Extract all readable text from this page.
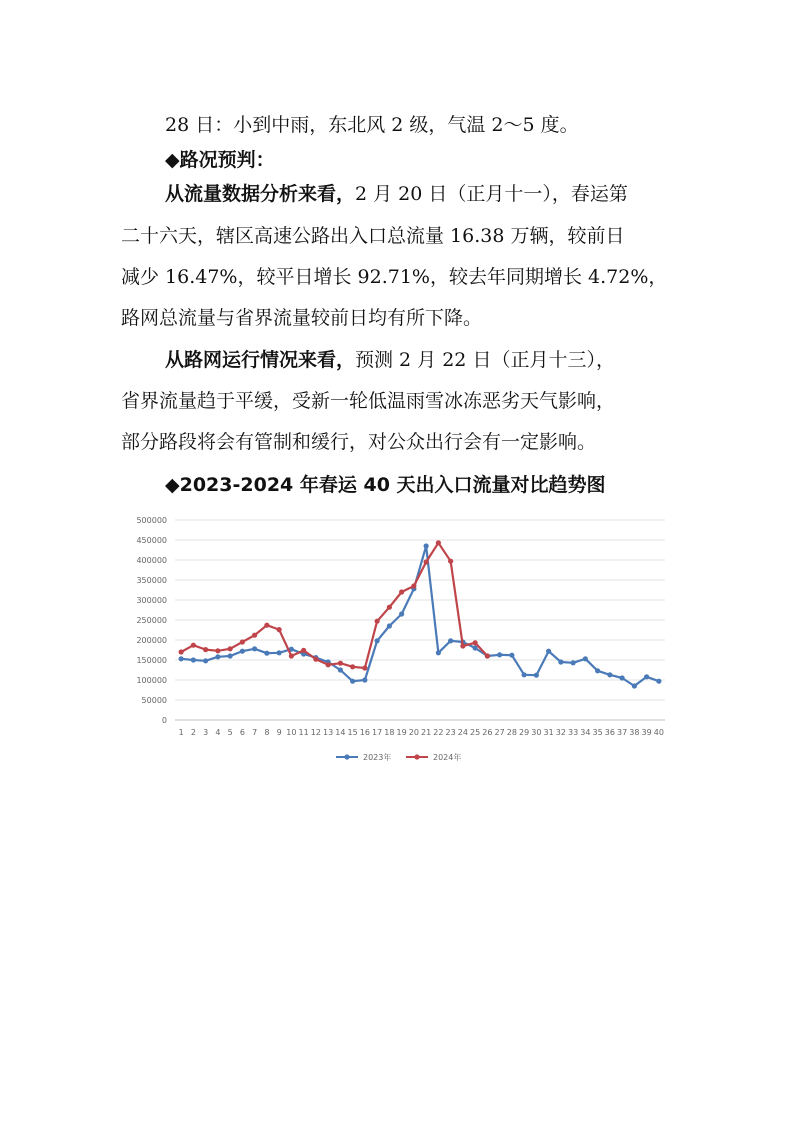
28 日：小到中雨，东北风 2 级，气温 2～5 度。
◆路况预判：
从流量数据分析来看，2 月 20 日（正月十一），春运第
二十六天，辖区高速公路出入口总流量 16.38 万辆，较前日
减少 16.47%，较平日增长 92.71%，较去年同期增长 4.72%，
路网总流量与省界流量较前日均有所下降。
从路网运行情况来看，预测 2 月 22 日（正月十三），
省界流量趋于平缓，受新一轮低温雨雪冰冻恶劣天气影响，
部分路段将会有管制和缓行，对公众出行会有一定影响。
◆2023-2024 年春运 40 天出入口流量对比趋势图
0
50000
100000
150000
200000
250000
300000
350000
400000
450000
500000
1 2 3 4 5 6 7 8 9 10 11 12 13 14 15 16 17 18 19 20 21 22 23 24 25 26 27 28 29 30 31 32 33 34 35 36 37 38 39 40
2023年	2024年
